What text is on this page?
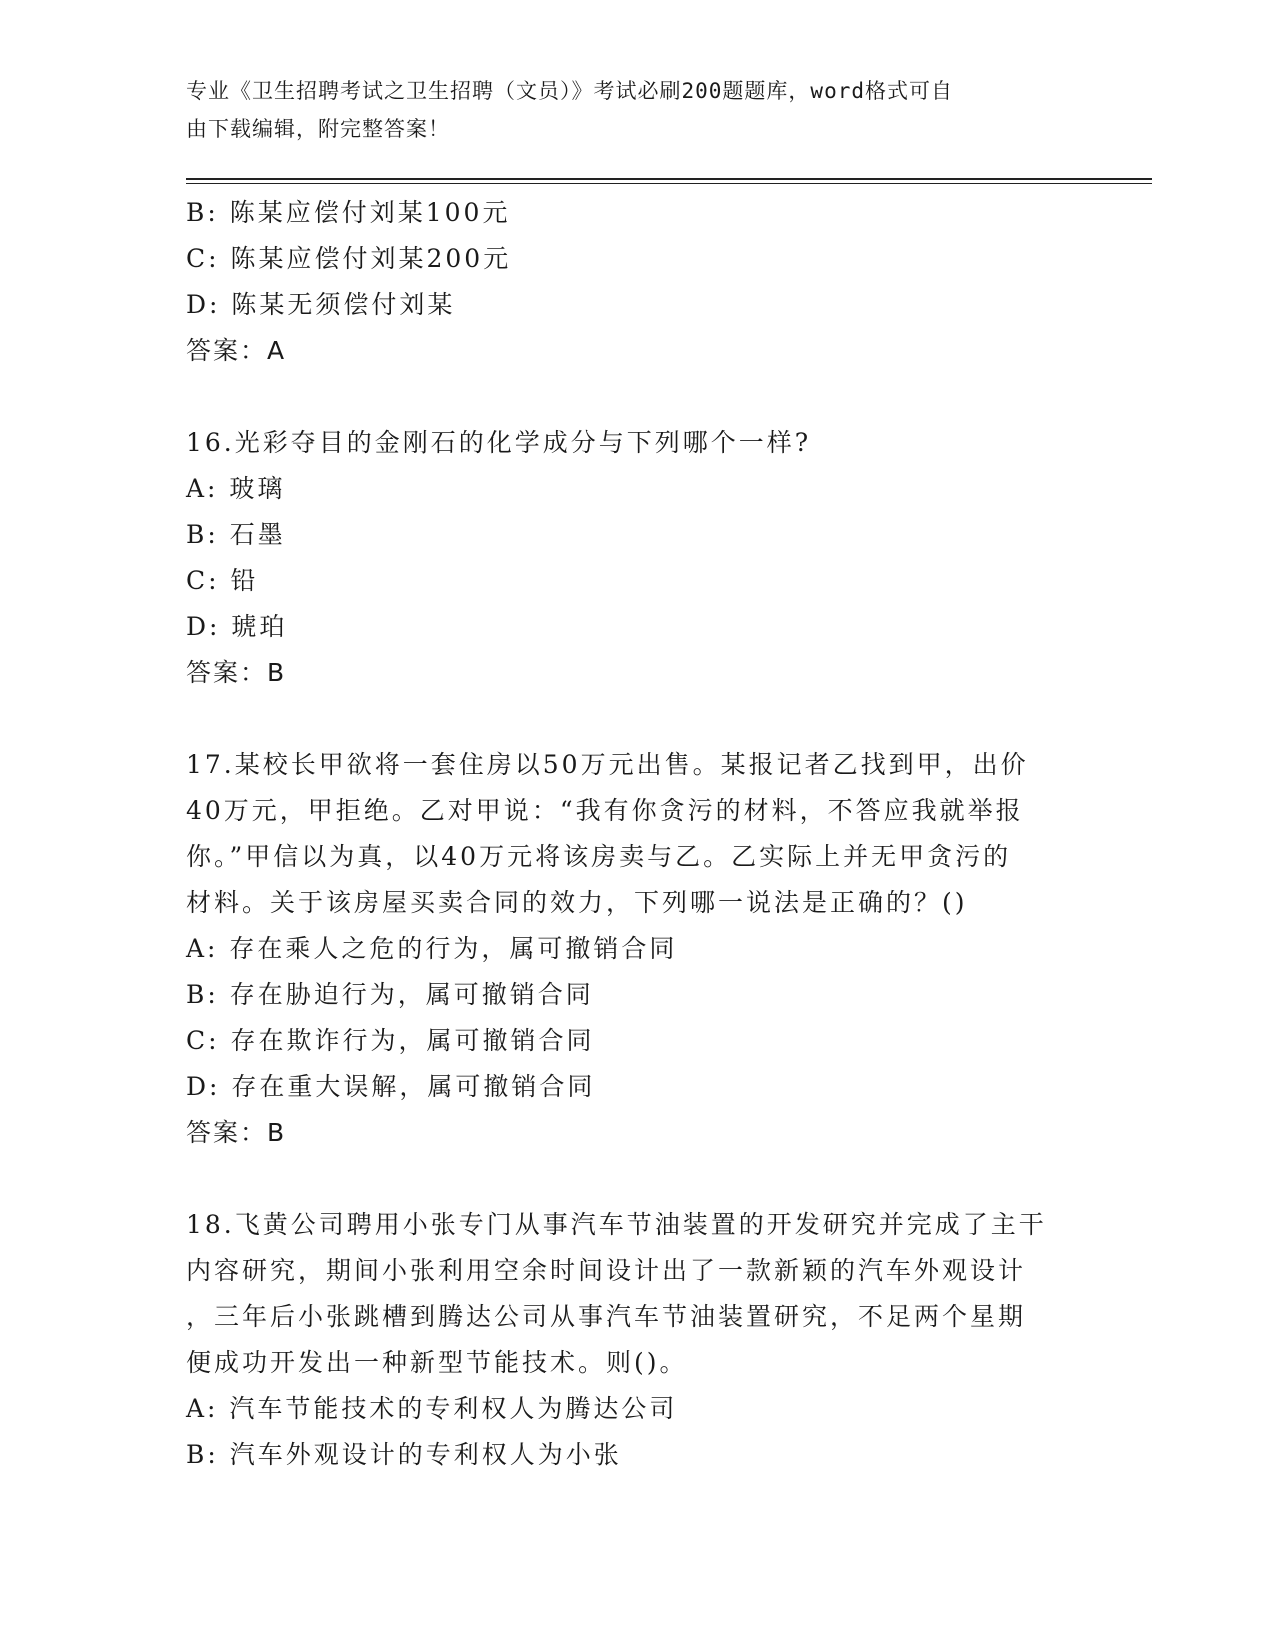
专业《卫生招聘考试之卫生招聘（文员）》考试必刷200题题库，word格式可自
由下载编辑，附完整答案！
B: 陈某应偿付刘某100元
C: 陈某应偿付刘某200元
D: 陈某无须偿付刘某
答案：A
16.光彩夺目的金刚石的化学成分与下列哪个一样?
A: 玻璃
B: 石墨
C: 铅
D: 琥珀
答案：B
17.某校长甲欲将一套住房以50万元出售。某报记者乙找到甲，出价
40万元，甲拒绝。乙对甲说：“我有你贪污的材料，不答应我就举报
你。”甲信以为真，以40万元将该房卖与乙。乙实际上并无甲贪污的
材料。关于该房屋买卖合同的效力，下列哪一说法是正确的？()
A: 存在乘人之危的行为，属可撤销合同
B: 存在胁迫行为，属可撤销合同
C: 存在欺诈行为，属可撤销合同
D: 存在重大误解，属可撤销合同
答案：B
18.飞黄公司聘用小张专门从事汽车节油装置的开发研究并完成了主干
内容研究，期间小张利用空余时间设计出了一款新颖的汽车外观设计
，三年后小张跳槽到腾达公司从事汽车节油装置研究，不足两个星期
便成功开发出一种新型节能技术。则()。
A: 汽车节能技术的专利权人为腾达公司
B: 汽车外观设计的专利权人为小张
